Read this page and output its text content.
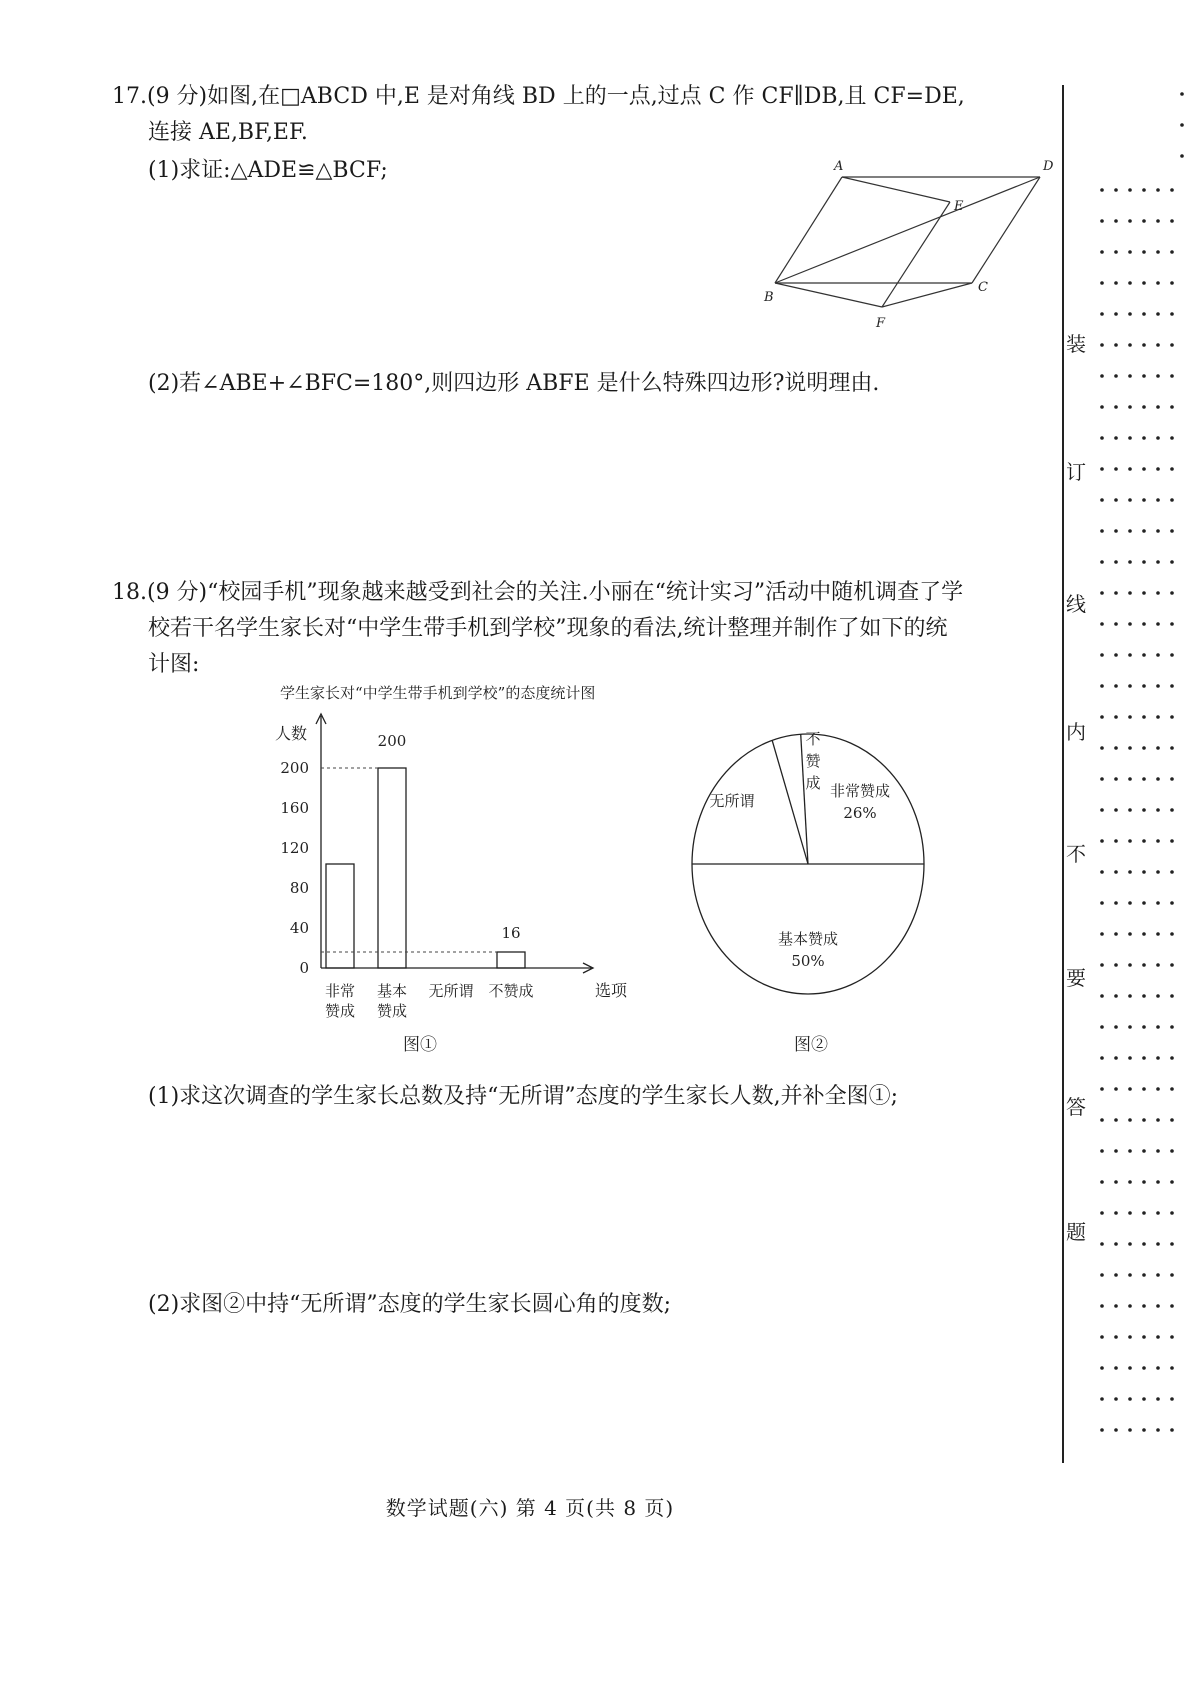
17.(9 分)如图,在□ABCD 中,E 是对角线 BD 上的一点,过点 C 作 CF∥DB,且 CF=DE,
连接 AE,BF,EF.
(1)求证:△ADE≌△BCF;	A	D
E
B
C
F
(2)若∠ABE+∠BFC=180°,则四边形 ABFE 是什么特殊四边形?说明理由.
18.(9 分)“校园手机”现象越来越受到社会的关注.小丽在“统计实习”活动中随机调查了学
校若干名学生家长对“中学生带手机到学校”现象的看法,统计整理并制作了如下的统
计图:
学生家长对“中学生带手机到学校”的态度统计图
人数
0
40
80
120
160
200
200
16
非常
赞成
基本
赞成
无所谓 不赞成	选项
图①
基本赞成
50%
非常赞成
26%
不
赞
成
无所谓
图②
(1)求这次调查的学生家长总数及持“无所谓”态度的学生家长人数,并补全图①;
(2)求图②中持“无所谓”态度的学生家长圆心角的度数;
装
订
线
内
不
要
答
题
数学试题(六) 第 4 页(共 8 页)
